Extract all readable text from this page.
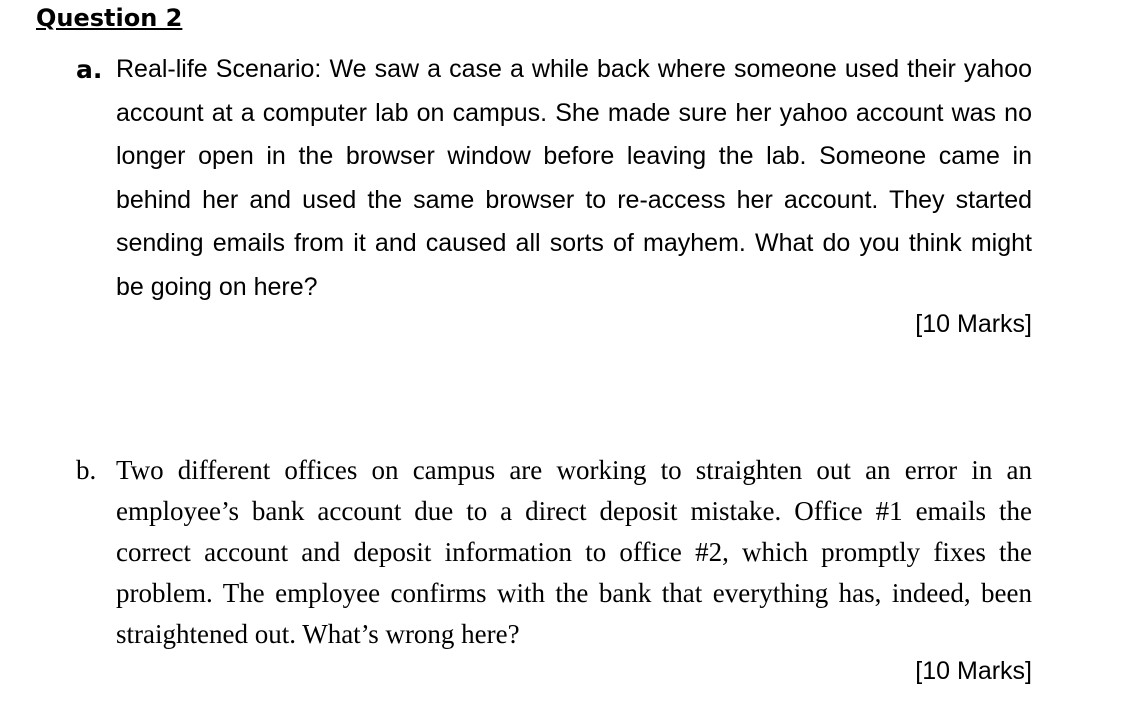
Question 2
a. Real-life Scenario: We saw a case a while back where someone used their yahoo account at a computer lab on campus. She made sure her yahoo account was no longer open in the browser window before leaving the lab. Someone came in behind her and used the same browser to re-access her account. They started sending emails from it and caused all sorts of mayhem. What do you think might be going on here?
[10 Marks]
b. Two different offices on campus are working to straighten out an error in an employee’s bank account due to a direct deposit mistake. Office #1 emails the correct account and deposit information to office #2, which promptly fixes the problem. The employee confirms with the bank that everything has, indeed, been straightened out. What’s wrong here?
[10 Marks]
